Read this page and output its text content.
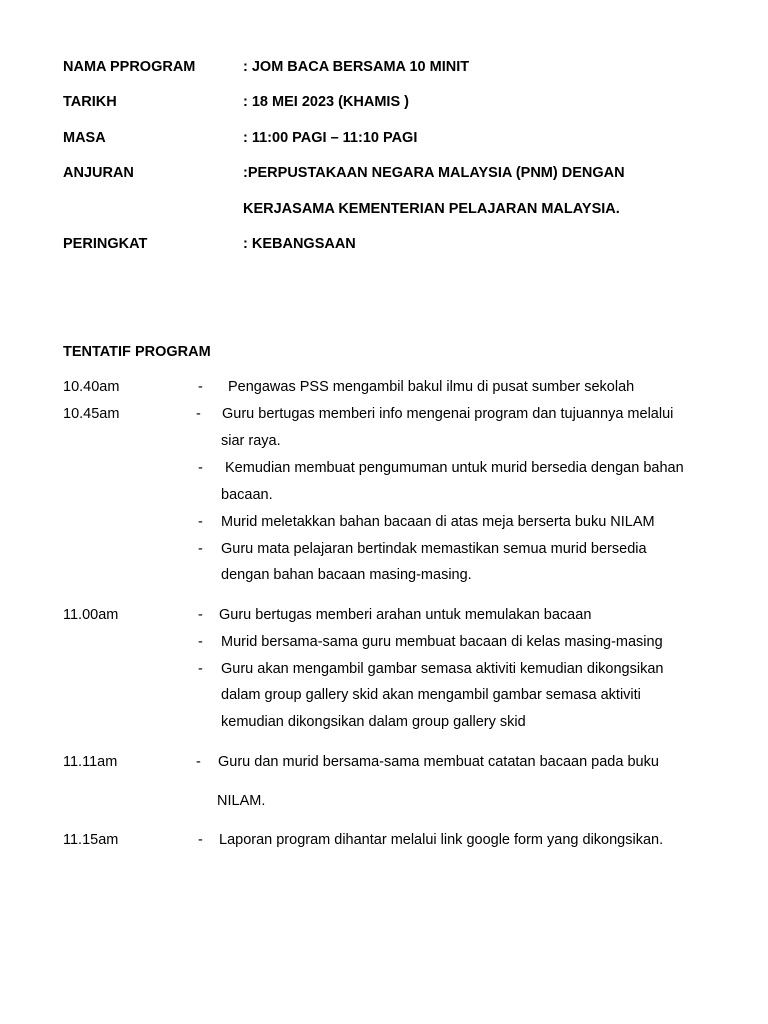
NAMA PPROGRAM	: JOM BACA BERSAMA 10 MINIT
TARIKH	: 18 MEI 2023 (KHAMIS )
MASA	: 11:00 PAGI – 11:10 PAGI
ANJURAN	:PERPUSTAKAAN NEGARA MALAYSIA (PNM) DENGAN
KERJASAMA KEMENTERIAN PELAJARAN MALAYSIA.
PERINGKAT	: KEBANGSAAN
TENTATIF PROGRAM
10.40am	- Pengawas PSS mengambil bakul ilmu di pusat sumber sekolah
10.45am	- Guru bertugas memberi info mengenai program dan tujuannya melalui
siar raya.
- Kemudian membuat pengumuman untuk murid bersedia dengan bahan
bacaan.
- Murid meletakkan bahan bacaan di atas meja berserta buku NILAM
- Guru mata pelajaran bertindak memastikan semua murid bersedia
dengan bahan bacaan masing-masing.
11.00am	- Guru bertugas memberi arahan untuk memulakan bacaan
- Murid bersama-sama guru membuat bacaan di kelas masing-masing
- Guru akan mengambil gambar semasa aktiviti kemudian dikongsikan
dalam group gallery skid akan mengambil gambar semasa aktiviti
kemudian dikongsikan dalam group gallery skid
11.11am	- Guru dan murid bersama-sama membuat catatan bacaan pada buku
NILAM.
11.15am	- Laporan program dihantar melalui link google form yang dikongsikan.
